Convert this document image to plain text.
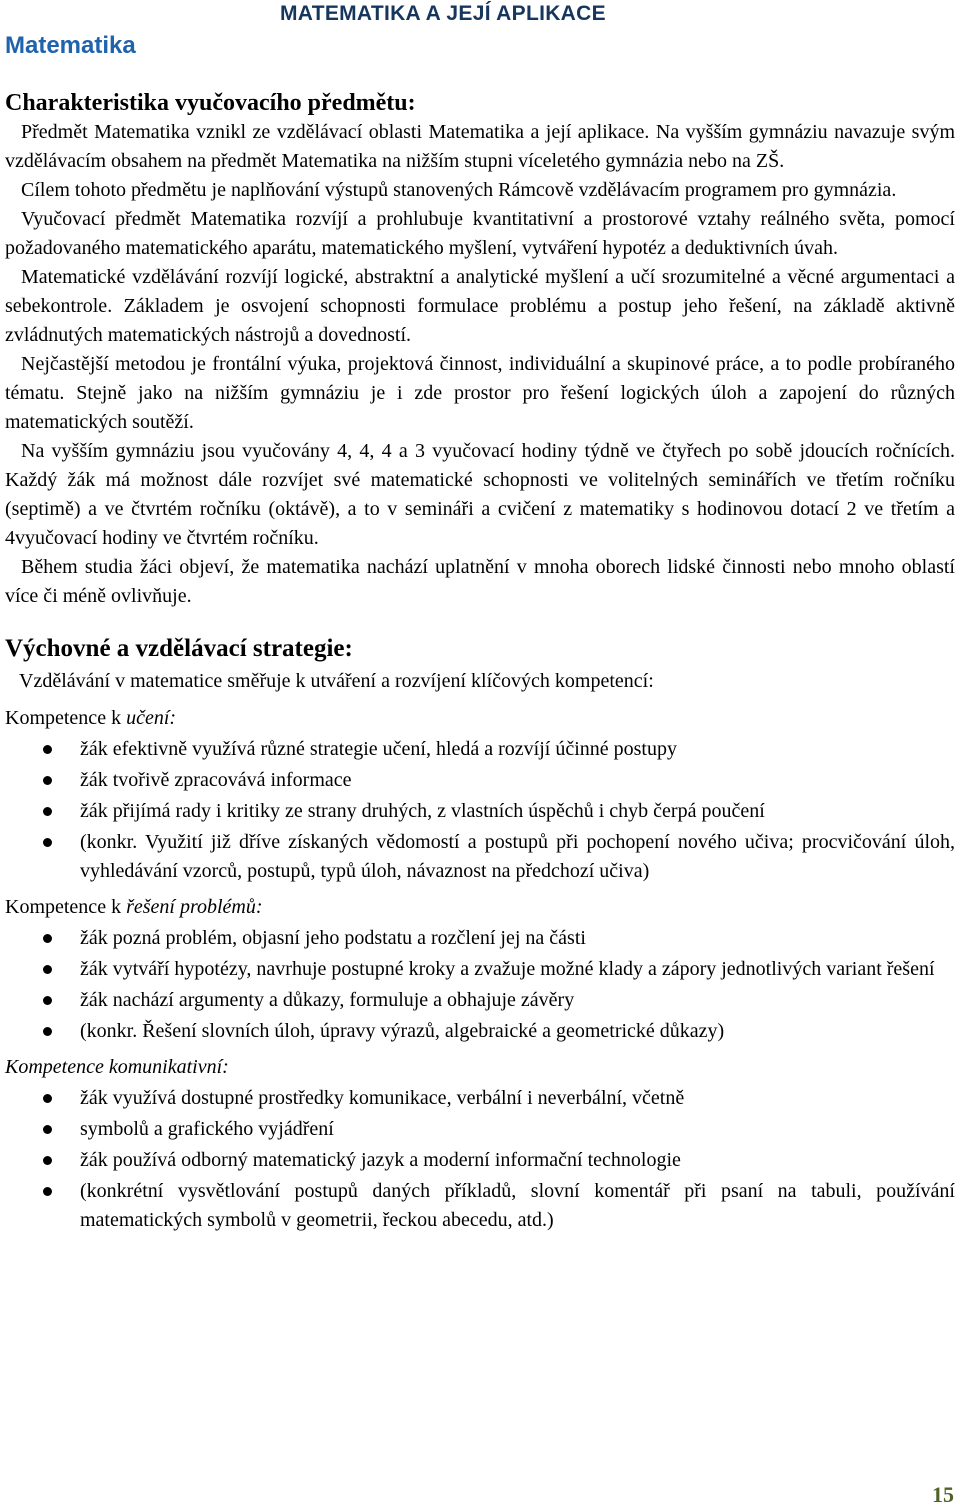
MATEMATIKA A JEJÍ APLIKACE
Matematika
Charakteristika vyučovacího předmětu:

Předmět Matematika vznikl ze vzdělávací oblasti Matematika a její aplikace. Na vyšším gymnáziu navazuje svým vzdělávacím obsahem na předmět Matematika na nižším stupni víceletého gymnázia nebo na ZŠ.

Cílem tohoto předmětu je naplňování výstupů stanovených Rámcově vzdělávacím programem pro gymnázia.

Vyučovací předmět Matematika rozvíjí a prohlubuje kvantitativní a prostorové vztahy reálného světa, pomocí požadovaného matematického aparátu, matematického myšlení, vytváření hypotéz a deduktivních úvah.

Matematické vzdělávání rozvíjí logické, abstraktní a analytické myšlení a učí srozumitelné a věcné argumentaci a sebekontrole. Základem je osvojení schopnosti formulace problému a postup jeho řešení, na základě aktivně zvládnutých matematických nástrojů a dovedností.

Nejčastější metodou je frontální výuka, projektová činnost, individuální a skupinové práce, a to podle probíraného tématu. Stejně jako na nižším gymnáziu je i zde prostor pro řešení logických úloh a zapojení do různých matematických soutěží.

Na vyšším gymnáziu jsou vyučovány 4, 4, 4 a 3 vyučovací hodiny týdně ve čtyřech po sobě jdoucích ročnících. Každý žák má možnost dále rozvíjet své matematické schopnosti ve volitelných seminářích ve třetím ročníku (septimě) a ve čtvrtém ročníku (oktávě), a to v semináři a cvičení z matematiky s hodinovou dotací 2 ve třetím a 4vyučovací hodiny ve čtvrtém ročníku.

Během studia žáci objeví, že matematika nachází uplatnění v mnoha oborech lidské činnosti nebo mnoho oblastí více či méně ovlivňuje.

Výchovné a vzdělávací strategie:

Vzdělávání v matematice směřuje k utváření a rozvíjení klíčových kompetencí:

Kompetence k učení:
žák efektivně využívá různé strategie učení, hledá a rozvíjí účinné postupy
žák tvořivě zpracovává informace
žák přijímá rady i kritiky ze strany druhých, z vlastních úspěchů i chyb čerpá poučení
(konkr. Využití již dříve získaných vědomostí a postupů při pochopení nového učiva; procvičování úloh, vyhledávání vzorců, postupů, typů úloh, návaznost na předchozí učiva)
Kompetence k řešení problémů:
žák pozná problém, objasní jeho podstatu a rozčlení jej na části
žák vytváří hypotézy, navrhuje postupné kroky a zvažuje možné klady a zápory jednotlivých variant řešení
žák nachází argumenty a důkazy, formuluje a obhajuje závěry
(konkr. Řešení slovních úloh, úpravy výrazů, algebraické a geometrické důkazy)
Kompetence komunikativní:
žák využívá dostupné prostředky komunikace, verbální i neverbální, včetně
symbolů a grafického vyjádření
žák používá odborný matematický jazyk a moderní informační technologie
(konkrétní vysvětlování postupů daných příkladů, slovní komentář při psaní na tabuli, používání matematických symbolů v geometrii, řeckou abecedu, atd.)
15
